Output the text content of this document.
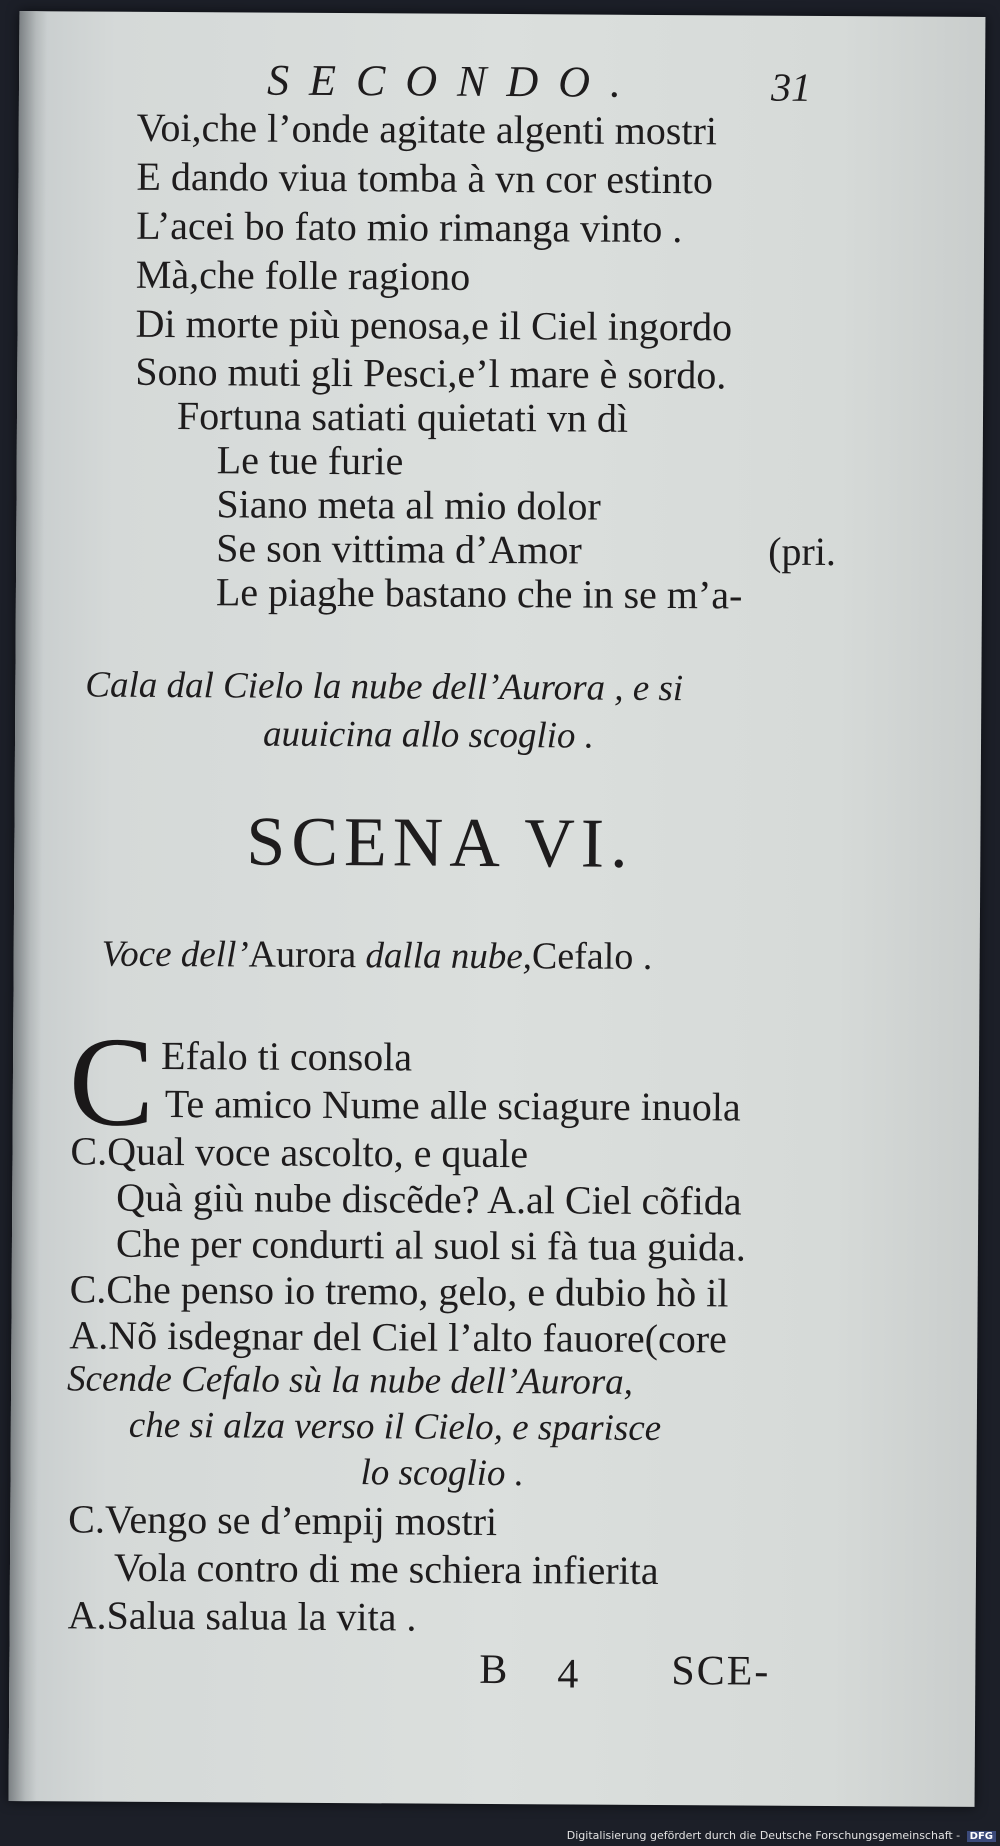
SECONDO.	31
Voi,che l’onde agitate algenti mostri
E dando viua tomba à vn cor estinto
L’acei bo fato mio rimanga vinto .
Mà,che folle ragiono
Di morte più penosa,e il Ciel ingordo
Sono muti gli Pesci,e’l mare è sordo.
Fortuna satiati quietati vn dì
Le tue furie
Siano meta al mio dolor
Se son vittima d’Amor	(pri.
Le piaghe bastano che in se m’a-
Cala dal Cielo la nube dell’Aurora , e si
auuicina allo scoglio .
SCENA VI.
Voce dell’Aurora dalla nube,Cefalo .
C Efalo ti consola
Te amico Nume alle sciagure inuola
C.Qual voce ascolto, e quale
Quà giù nube discẽde? A.al Ciel cõfida
Che per condurti al suol si fà tua guida.
C.Che penso io tremo, gelo, e dubio hò il
A.Nõ isdegnar del Ciel l’alto fauore(core
Scende Cefalo sù la nube dell’Aurora,
che si alza verso il Cielo, e sparisce
lo scoglio .
C.Vengo se d’empij mostri
Vola contro di me schiera infierita
A.Salua salua la vita .
B 4 SCE-
Digitalisierung gefördert durch die Deutsche Forschungsgemeinschaft - DFG
